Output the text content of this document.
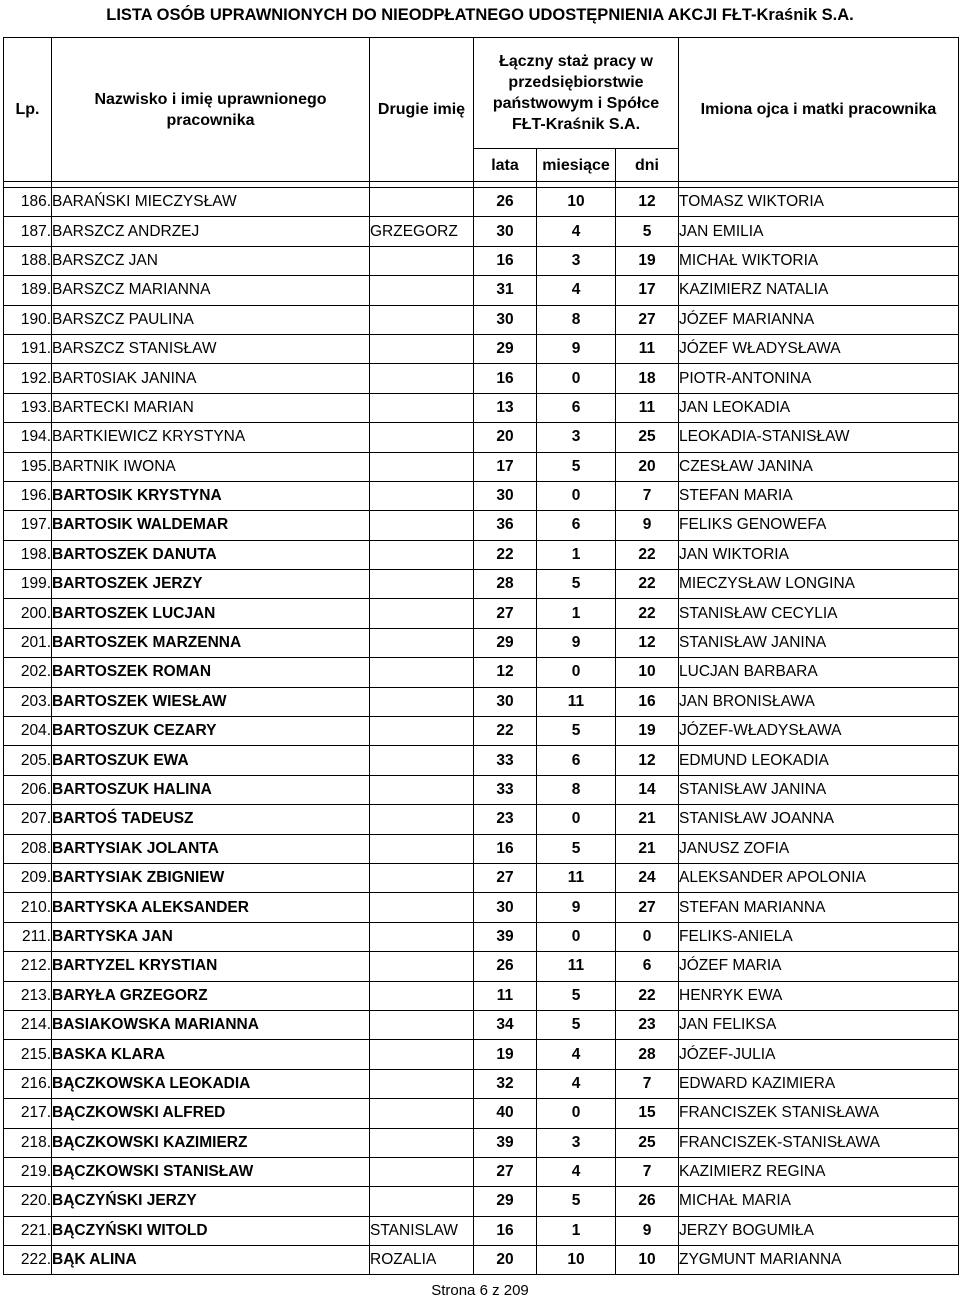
LISTA OSÓB UPRAWNIONYCH DO NIEODPŁATNEGO UDOSTĘPNIENIA AKCJI FŁT-Kraśnik S.A.
Lp.	Nazwisko i imię uprawnionego pracownika	Drugie imię	Łączny staż pracy w przedsiębiorstwie państwowym i Spółce FŁT-Kraśnik S.A.			Imiona ojca i matki pracownika
			lata	miesiące	dni	

186.	BARAŃSKI MIECZYSŁAW		26	10	12	TOMASZ WIKTORIA
187.	BARSZCZ ANDRZEJ	GRZEGORZ	30	4	5	JAN EMILIA
188.	BARSZCZ JAN		16	3	19	MICHAŁ WIKTORIA
189.	BARSZCZ MARIANNA		31	4	17	KAZIMIERZ NATALIA
190.	BARSZCZ PAULINA		30	8	27	JÓZEF MARIANNA
191.	BARSZCZ STANISŁAW		29	9	11	JÓZEF WŁADYSŁAWA
192.	BART0SIAK JANINA		16	0	18	PIOTR-ANTONINA
193.	BARTECKI MARIAN		13	6	11	JAN LEOKADIA
194.	BARTKIEWICZ KRYSTYNA		20	3	25	LEOKADIA-STANISŁAW
195.	BARTNIK IWONA		17	5	20	CZESŁAW JANINA
196.	BARTOSIK KRYSTYNA		30	0	7	STEFAN MARIA
197.	BARTOSIK WALDEMAR		36	6	9	FELIKS GENOWEFA
198.	BARTOSZEK DANUTA		22	1	22	JAN WIKTORIA
199.	BARTOSZEK JERZY		28	5	22	MIECZYSŁAW LONGINA
200.	BARTOSZEK LUCJAN		27	1	22	STANISŁAW CECYLIA
201.	BARTOSZEK MARZENNA		29	9	12	STANISŁAW JANINA
202.	BARTOSZEK ROMAN		12	0	10	LUCJAN BARBARA
203.	BARTOSZEK WIESŁAW		30	11	16	JAN BRONISŁAWA
204.	BARTOSZUK CEZARY		22	5	19	JÓZEF-WŁADYSŁAWA
205.	BARTOSZUK EWA		33	6	12	EDMUND LEOKADIA
206.	BARTOSZUK HALINA		33	8	14	STANISŁAW JANINA
207.	BARTOŚ TADEUSZ		23	0	21	STANISŁAW JOANNA
208.	BARTYSIAK JOLANTA		16	5	21	JANUSZ ZOFIA
209.	BARTYSIAK ZBIGNIEW		27	11	24	ALEKSANDER APOLONIA
210.	BARTYSKA ALEKSANDER		30	9	27	STEFAN MARIANNA
211.	BARTYSKA JAN		39	0	0	FELIKS-ANIELA
212.	BARTYZEL KRYSTIAN		26	11	6	JÓZEF MARIA
213.	BARYŁA GRZEGORZ		11	5	22	HENRYK EWA
214.	BASIAKOWSKA MARIANNA		34	5	23	JAN FELIKSA
215.	BASKA KLARA		19	4	28	JÓZEF-JULIA
216.	BĄCZKOWSKA LEOKADIA		32	4	7	EDWARD KAZIMIERA
217.	BĄCZKOWSKI ALFRED		40	0	15	FRANCISZEK STANISŁAWA
218.	BĄCZKOWSKI KAZIMIERZ		39	3	25	FRANCISZEK-STANISŁAWA
219.	BĄCZKOWSKI STANISŁAW		27	4	7	KAZIMIERZ REGINA
220.	BĄCZYŃSKI JERZY		29	5	26	MICHAŁ MARIA
221.	BĄCZYŃSKI WITOLD	STANISLAW	16	1	9	JERZY BOGUMIŁA
222.	BĄK ALINA	ROZALIA	20	10	10	ZYGMUNT MARIANNA
Strona 6 z 209
